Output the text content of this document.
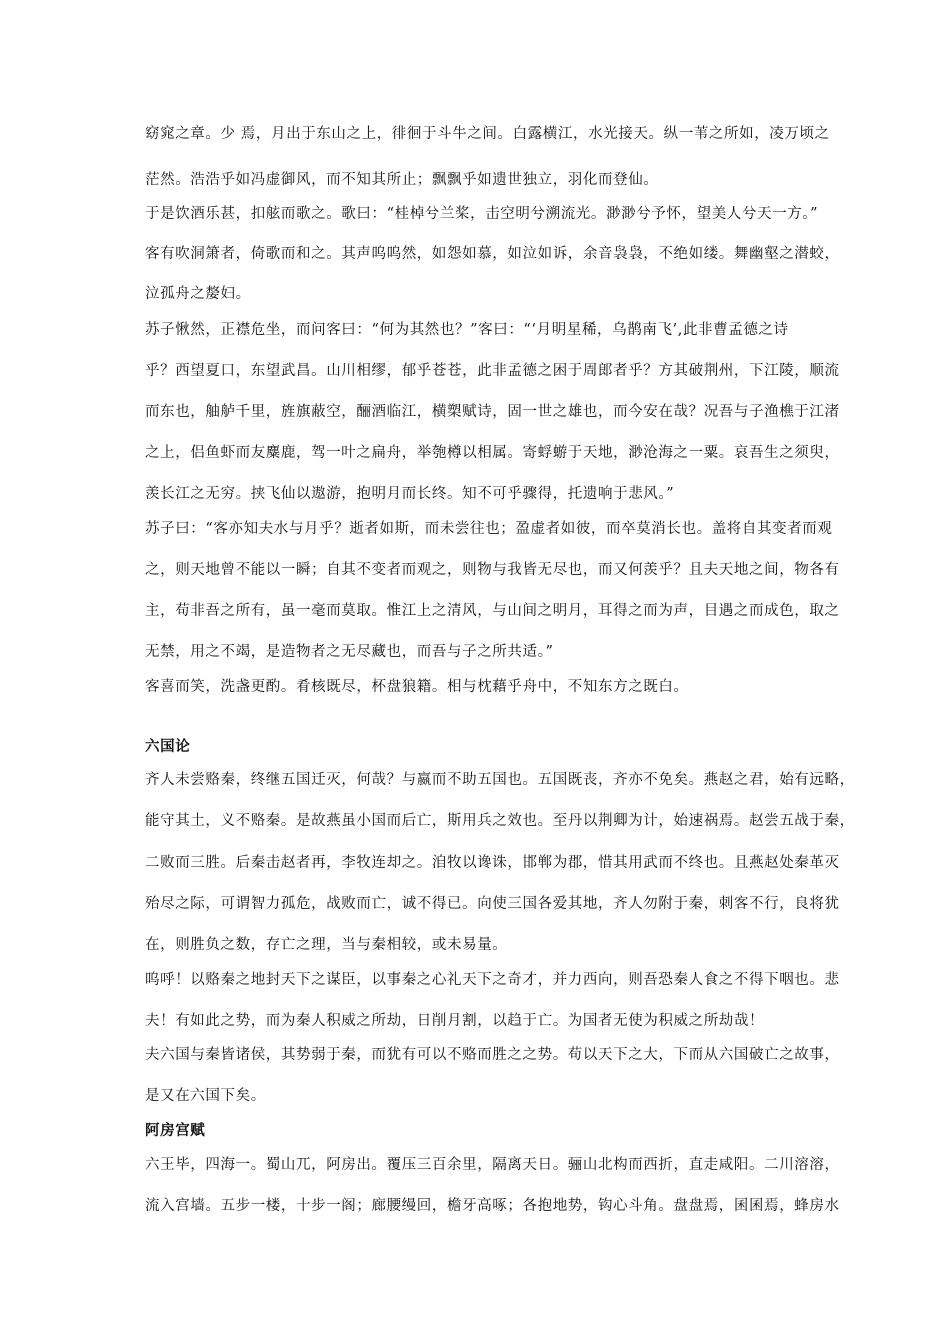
窈窕之章。少 焉，月出于东山之上，徘徊于斗牛之间。白露横江，水光接天。纵一苇之所如，凌万顷之
茫然。浩浩乎如冯虚御风，而不知其所止；飘飘乎如遗世独立，羽化而登仙。
于是饮酒乐甚，扣舷而歌之。歌曰：“桂棹兮兰桨，击空明兮溯流光。渺渺兮予怀，望美人兮天一方。”
客有吹洞箫者，倚歌而和之。其声呜呜然，如怨如慕，如泣如诉，余音袅袅，不绝如缕。舞幽壑之潜蛟，
泣孤舟之嫠妇。
苏子愀然，正襟危坐，而问客曰：“何为其然也？”客曰：“‘月明星稀，乌鹊南飞’,此非曹孟德之诗
乎？西望夏口，东望武昌。山川相缪，郁乎苍苍，此非孟德之困于周郎者乎？方其破荆州，下江陵，顺流
而东也，舳舻千里，旌旗蔽空，酾酒临江，横槊赋诗，固一世之雄也，而今安在哉？况吾与子渔樵于江渚
之上，侣鱼虾而友麋鹿，驾一叶之扁舟，举匏樽以相属。寄蜉蝣于天地，渺沧海之一粟。哀吾生之须臾，
羡长江之无穷。挟飞仙以遨游，抱明月而长终。知不可乎骤得，托遗响于悲风。”
苏子曰：“客亦知夫水与月乎？逝者如斯，而未尝往也；盈虚者如彼，而卒莫消长也。盖将自其变者而观
之，则天地曾不能以一瞬；自其不变者而观之，则物与我皆无尽也，而又何羡乎？且夫天地之间，物各有
主，苟非吾之所有，虽一毫而莫取。惟江上之清风，与山间之明月，耳得之而为声，目遇之而成色，取之
无禁，用之不竭，是造物者之无尽藏也，而吾与子之所共适。”
客喜而笑，洗盏更酌。肴核既尽，杯盘狼籍。相与枕藉乎舟中，不知东方之既白。
六国论
齐人未尝赂秦，终继五国迁灭，何哉？与嬴而不助五国也。五国既丧，齐亦不免矣。燕赵之君，始有远略，
能守其土，义不赂秦。是故燕虽小国而后亡，斯用兵之效也。至丹以荆卿为计，始速祸焉。赵尝五战于秦，
二败而三胜。后秦击赵者再，李牧连却之。洎牧以谗诛，邯郸为郡，惜其用武而不终也。且燕赵处秦革灭
殆尽之际，可谓智力孤危，战败而亡，诚不得已。向使三国各爱其地，齐人勿附于秦，刺客不行，良将犹
在，则胜负之数，存亡之理，当与秦相较，或未易量。
呜呼！以赂秦之地封天下之谋臣，以事秦之心礼天下之奇才，并力西向，则吾恐秦人食之不得下咽也。悲
夫！有如此之势，而为秦人积威之所劫，日削月割，以趋于亡。为国者无使为积威之所劫哉！
夫六国与秦皆诸侯，其势弱于秦，而犹有可以不赂而胜之之势。苟以天下之大，下而从六国破亡之故事，
是又在六国下矣。
阿房宫赋
六王毕，四海一。蜀山兀，阿房出。覆压三百余里，隔离天日。骊山北构而西折，直走咸阳。二川溶溶，
流入宫墙。五步一楼，十步一阁；廊腰缦回，檐牙高啄；各抱地势，钩心斗角。盘盘焉，囷囷焉，蜂房水
